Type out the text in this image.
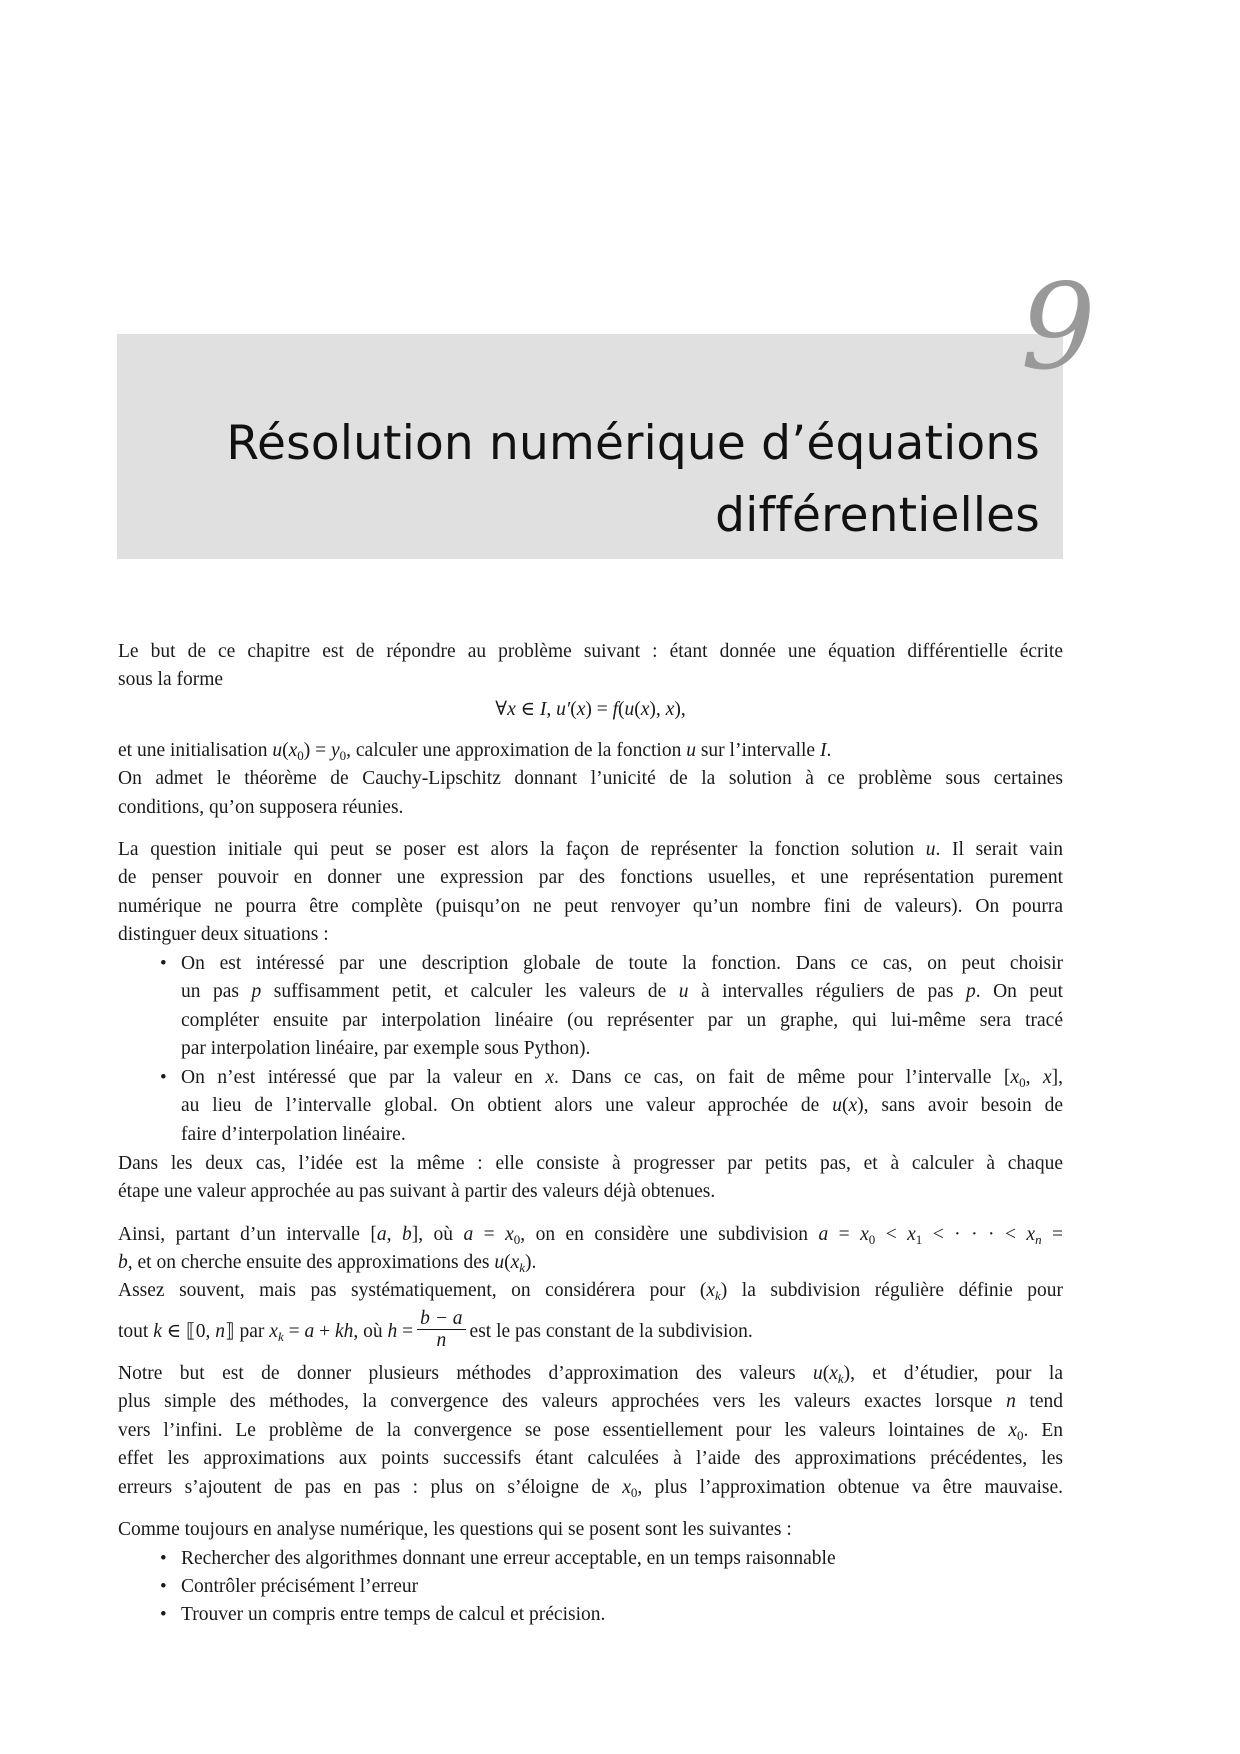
9
Résolution numérique d’équations
différentielles
Le but de ce chapitre est de répondre au problème suivant : étant donnée une équation différentielle écrite
sous la forme
∀x ∈ I, u′(x) = f(u(x), x),
et une initialisation $u(x_0) = y_0$, calculer une approximation de la fonction u sur l’intervalle I.
On admet le théorème de Cauchy-Lipschitz donnant l’unicité de la solution à ce problème sous certaines
conditions, qu’on supposera réunies.
La question initiale qui peut se poser est alors la façon de représenter la fonction solution u. Il serait vain
de penser pouvoir en donner une expression par des fonctions usuelles, et une représentation purement
numérique ne pourra être complète (puisqu’on ne peut renvoyer qu’un nombre fini de valeurs). On pourra
distinguer deux situations :
• On est intéressé par une description globale de toute la fonction. Dans ce cas, on peut choisir
un pas p suffisamment petit, et calculer les valeurs de u à intervalles réguliers de pas p. On peut
compléter ensuite par interpolation linéaire (ou représenter par un graphe, qui lui-même sera tracé
par interpolation linéaire, par exemple sous Python).
• On n’est intéressé que par la valeur en x. Dans ce cas, on fait de même pour l’intervalle [$x_0$, x],
au lieu de l’intervalle global. On obtient alors une valeur approchée de u(x), sans avoir besoin de
faire d’interpolation linéaire.
Dans les deux cas, l’idée est la même : elle consiste à progresser par petits pas, et à calculer à chaque
étape une valeur approchée au pas suivant à partir des valeurs déjà obtenues.
Ainsi, partant d’un intervalle [a, b], où $a = x_0$, on en considère une subdivision $a = x_0 < x_1$ < · · · < $x_n$ =
b, et on cherche ensuite des approximations des $u(x_k)$.
Assez souvent, mais pas systématiquement, on considérera pour $(x_k)$ la subdivision régulière définie pour
tout k ∈ ⟦0, n⟧ par $x_k = a$ + kh, où $h = \frac{b - a}{n}$ est le pas constant de la subdivision.
Notre but est de donner plusieurs méthodes d’approximation des valeurs $u(x_k)$, et d’étudier, pour la
plus simple des méthodes, la convergence des valeurs approchées vers les valeurs exactes lorsque n tend
vers l’infini. Le problème de la convergence se pose essentiellement pour les valeurs lointaines de $x_0$. En
effet les approximations aux points successifs étant calculées à l’aide des approximations précédentes, les
erreurs s’ajoutent de pas en pas : plus on s’éloigne de $x_0$, plus l’approximation obtenue va être mauvaise.
Comme toujours en analyse numérique, les questions qui se posent sont les suivantes :
• Rechercher des algorithmes donnant une erreur acceptable, en un temps raisonnable
• Contrôler précisément l’erreur
• Trouver un compris entre temps de calcul et précision.
